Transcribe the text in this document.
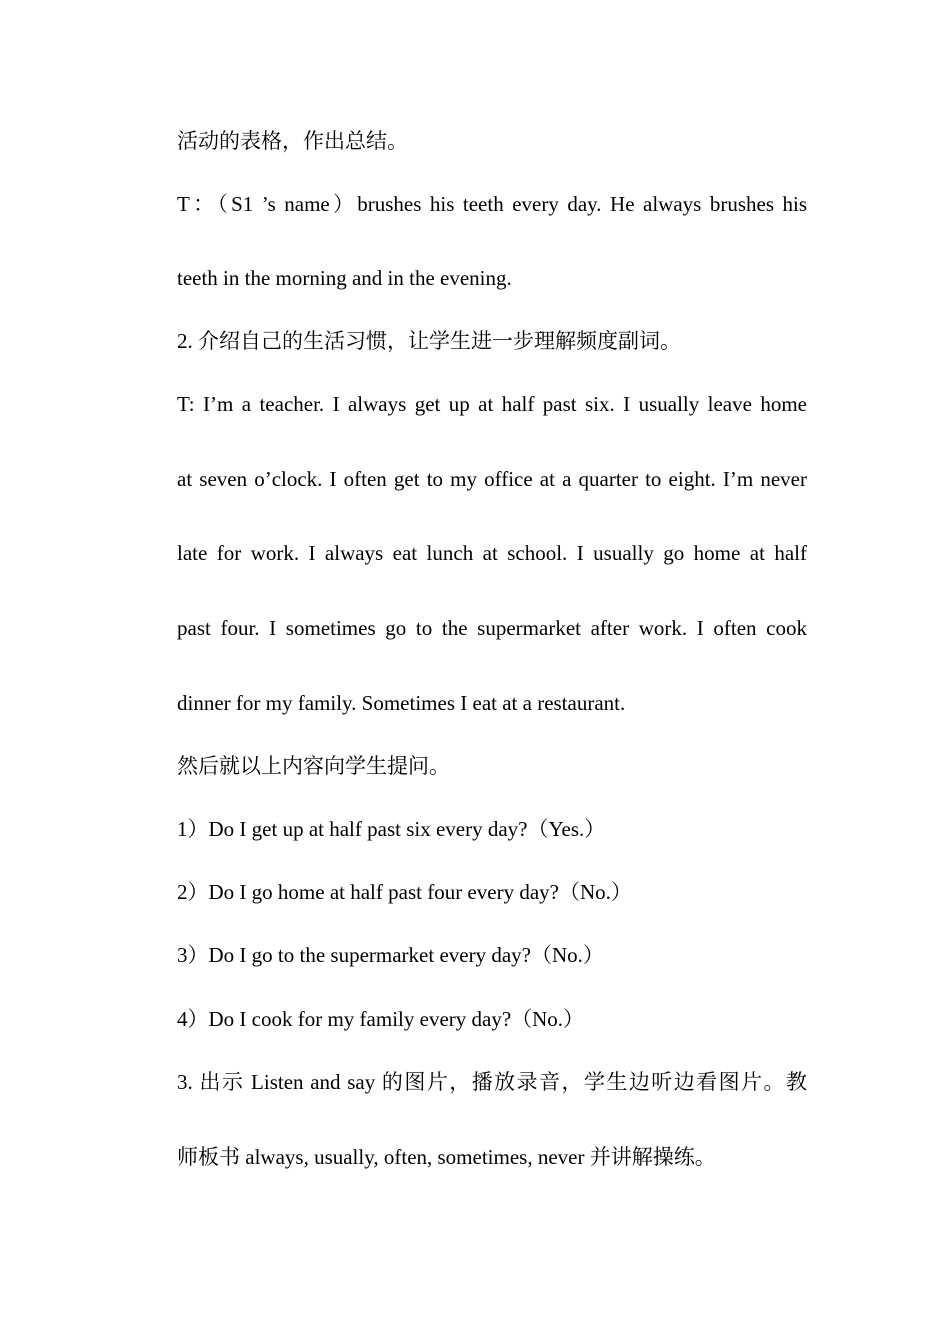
活动的表格，作出总结。
T：（S1 ’s name）brushes his teeth every day. He always brushes his
teeth in the morning and in the evening.
2. 介绍自己的生活习惯，让学生进一步理解频度副词。
T: I’m a teacher. I always get up at half past six. I usually leave home
at seven o’clock. I often get to my office at a quarter to eight. I’m never
late for work. I always eat lunch at school. I usually go home at half
past four. I sometimes go to the supermarket after work. I often cook
dinner for my family. Sometimes I eat at a restaurant.
然后就以上内容向学生提问。
1）Do I get up at half past six every day?（Yes.）
2）Do I go home at half past four every day?（No.）
3）Do I go to the supermarket every day?（No.）
4）Do I cook for my family every day?（No.）
3. 出示 Listen and say 的图片，播放录音，学生边听边看图片。教
师板书 always, usually, often, sometimes, never 并讲解操练。
